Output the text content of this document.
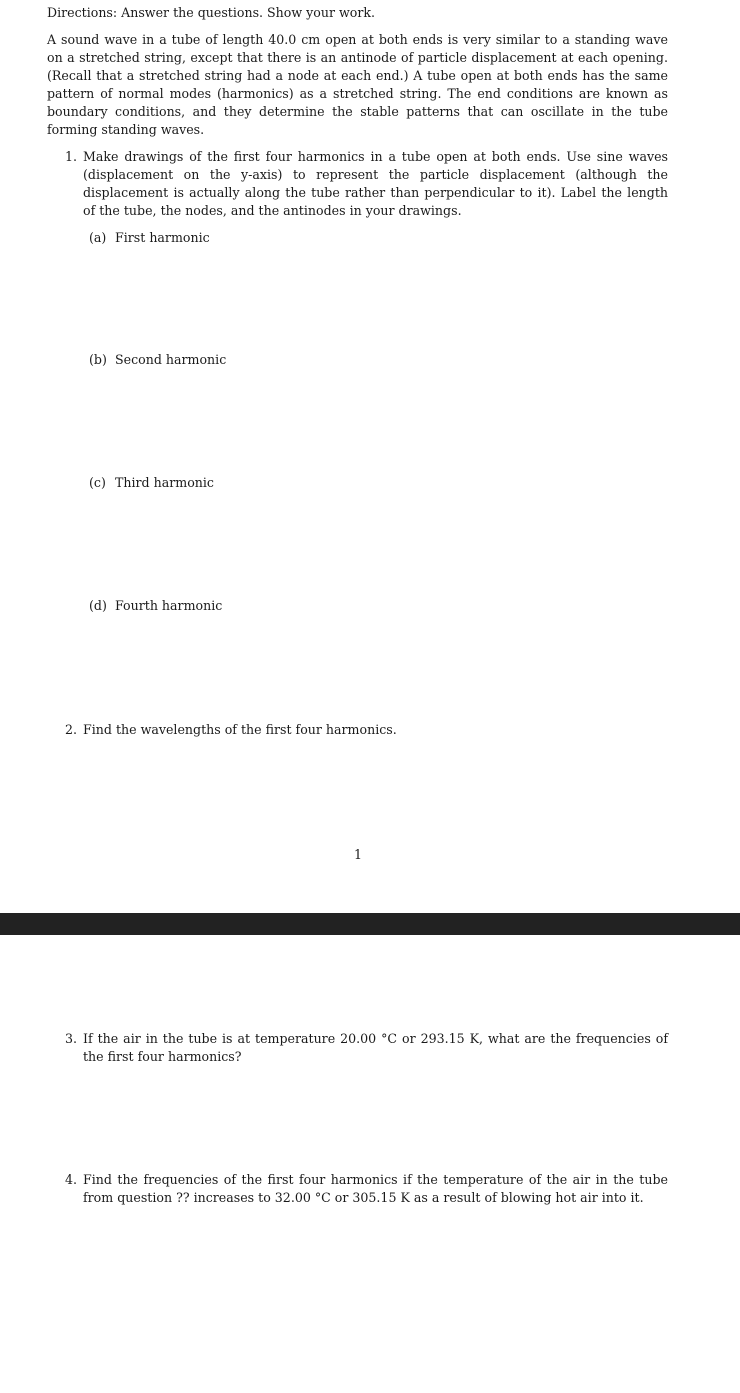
Directions: Answer the questions. Show your work.
A sound wave in a tube of length 40.0 cm open at both ends is very similar to a standing wave on a stretched string, except that there is an antinode of particle displacement at each opening. (Recall that a stretched string had a node at each end.) A tube open at both ends has the same pattern of normal modes (harmonics) as a stretched string. The end conditions are known as boundary conditions, and they determine the stable patterns that can oscillate in the tube forming standing waves.
1. Make drawings of the first four harmonics in a tube open at both ends. Use sine waves (displacement on the y-axis) to represent the particle displacement (although the displacement is actually along the tube rather than perpendicular to it). Label the length of the tube, the nodes, and the antinodes in your drawings.
(a) First harmonic
(b) Second harmonic
(c) Third harmonic
(d) Fourth harmonic
2. Find the wavelengths of the first four harmonics.
1
3. If the air in the tube is at temperature 20.00 °C or 293.15 K, what are the frequencies of the first four harmonics?
4. Find the frequencies of the first four harmonics if the temperature of the air in the tube from question ?? increases to 32.00 °C or 305.15 K as a result of blowing hot air into it.
